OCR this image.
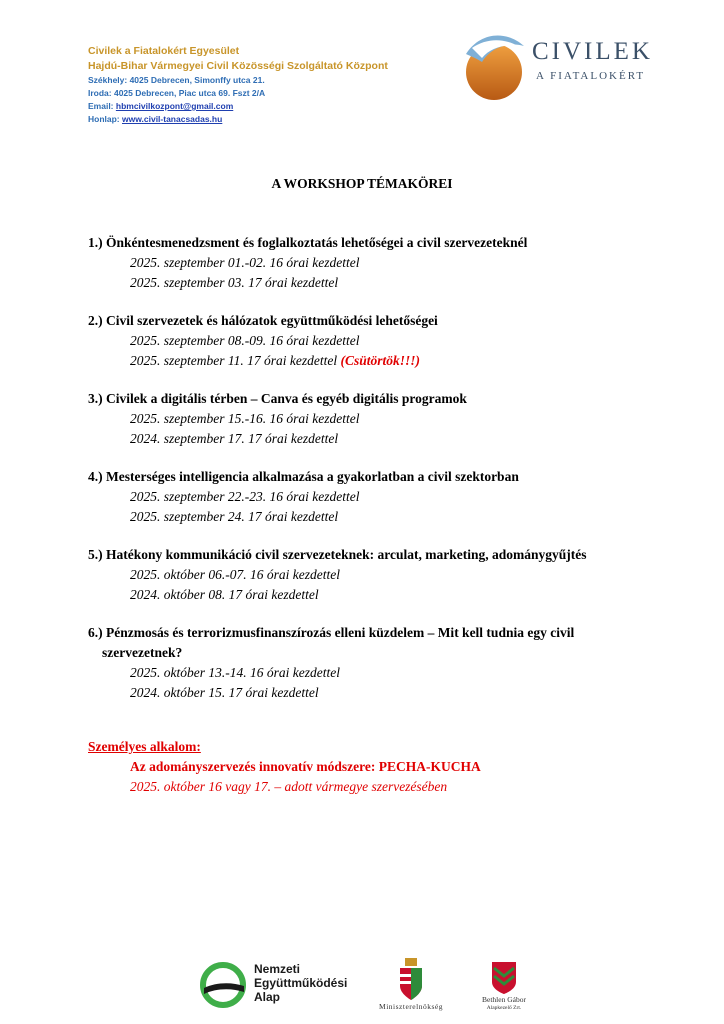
Civilek a Fiatalokért Egyesület
Hajdú-Bihar Vármegyei Civil Közösségi Szolgáltató Központ
Székhely: 4025 Debrecen, Simonffy utca 21.
Iroda: 4025 Debrecen, Piac utca 69. Fszt 2/A
Email: hbmcivilkozpont@gmail.com
Honlap: www.civil-tanacsadas.hu
CIVILEK
A FIATALOKÉRT
A WORKSHOP TÉMAKÖREI
1.) Önkéntesmenedzsment és foglalkoztatás lehetőségei a civil szervezeteknél
2025. szeptember 01.-02. 16 órai kezdettel
2025. szeptember 03. 17 órai kezdettel
2.) Civil szervezetek és hálózatok együttműködési lehetőségei
2025. szeptember 08.-09. 16 órai kezdettel
2025. szeptember 11. 17 órai kezdettel (Csütörtök!!!)
3.) Civilek a digitális térben – Canva és egyéb digitális programok
2025. szeptember 15.-16. 16 órai kezdettel
2024. szeptember 17. 17 órai kezdettel
4.) Mesterséges intelligencia alkalmazása a gyakorlatban a civil szektorban
2025. szeptember 22.-23. 16 órai kezdettel
2025. szeptember 24. 17 órai kezdettel
5.) Hatékony kommunikáció civil szervezeteknek: arculat, marketing, adománygyűjtés
2025. október 06.-07. 16 órai kezdettel
2024. október 08. 17 órai kezdettel
6.) Pénzmosás és terrorizmusfinanszírozás elleni küzdelem – Mit kell tudnia egy civil
szervezetnek?
2025. október 13.-14. 16 órai kezdettel
2024. október 15. 17 órai kezdettel
Személyes alkalom:
Az adományszervezés innovatív módszere: PECHA-KUCHA
2025. október 16 vagy 17. – adott vármegye szervezésében
Nemzeti
Együttműködési
Alap
Miniszterelnökség
Bethlen Gábor
Alapkezelő Zrt.
